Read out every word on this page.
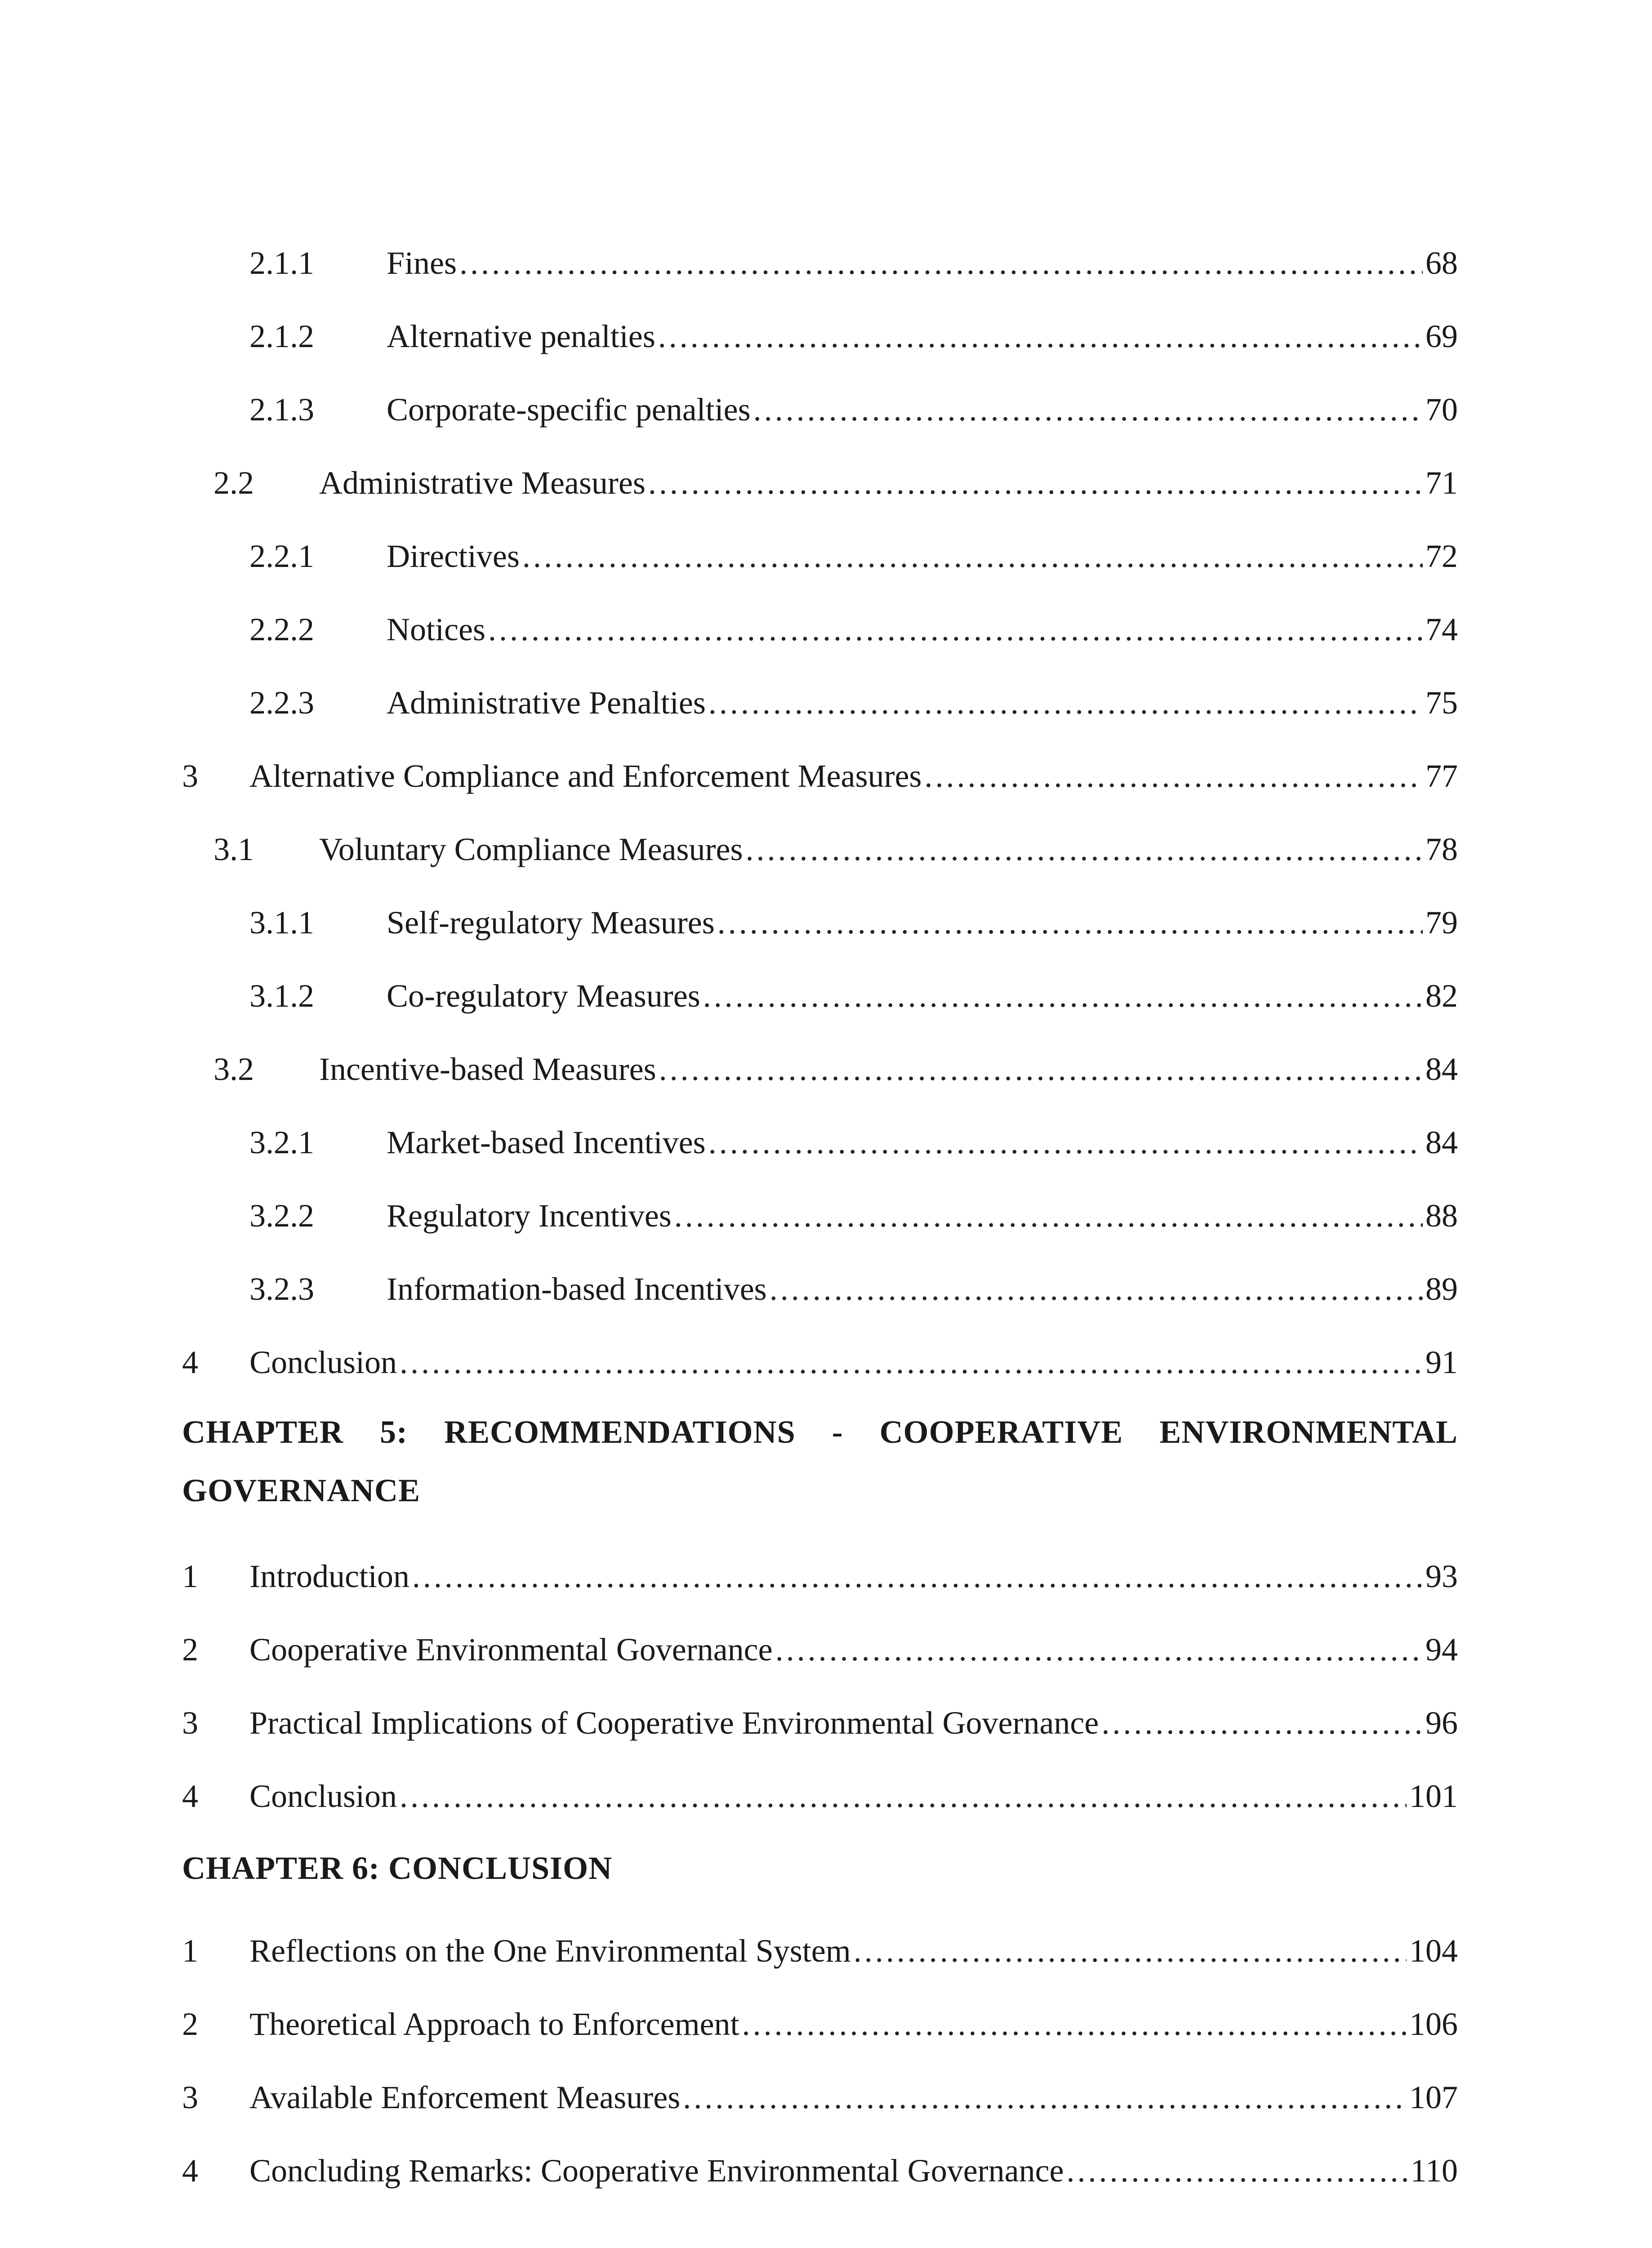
2.1.1	Fines .....	68
2.1.2	Alternative penalties .....	69
2.1.3	Corporate-specific penalties .....	70
2.2	Administrative Measures .....	71
2.2.1	Directives .....	72
2.2.2	Notices .....	74
2.2.3	Administrative Penalties .....	75
3	Alternative Compliance and Enforcement Measures .....	77
3.1	Voluntary Compliance Measures .....	78
3.1.1	Self-regulatory Measures .....	79
3.1.2	Co-regulatory Measures .....	82
3.2	Incentive-based Measures .....	84
3.2.1	Market-based Incentives .....	84
3.2.2	Regulatory Incentives .....	88
3.2.3	Information-based Incentives .....	89
4	Conclusion .....	91
CHAPTER 5: RECOMMENDATIONS - COOPERATIVE ENVIRONMENTAL
GOVERNANCE
1	Introduction .....	93
2	Cooperative Environmental Governance .....	94
3	Practical Implications of Cooperative Environmental Governance .....	96
4	Conclusion .....	101
CHAPTER 6: CONCLUSION
1	Reflections on the One Environmental System .....	104
2	Theoretical Approach to Enforcement .....	106
3	Available Enforcement Measures .....	107
4	Concluding Remarks: Cooperative Environmental Governance .....	110
